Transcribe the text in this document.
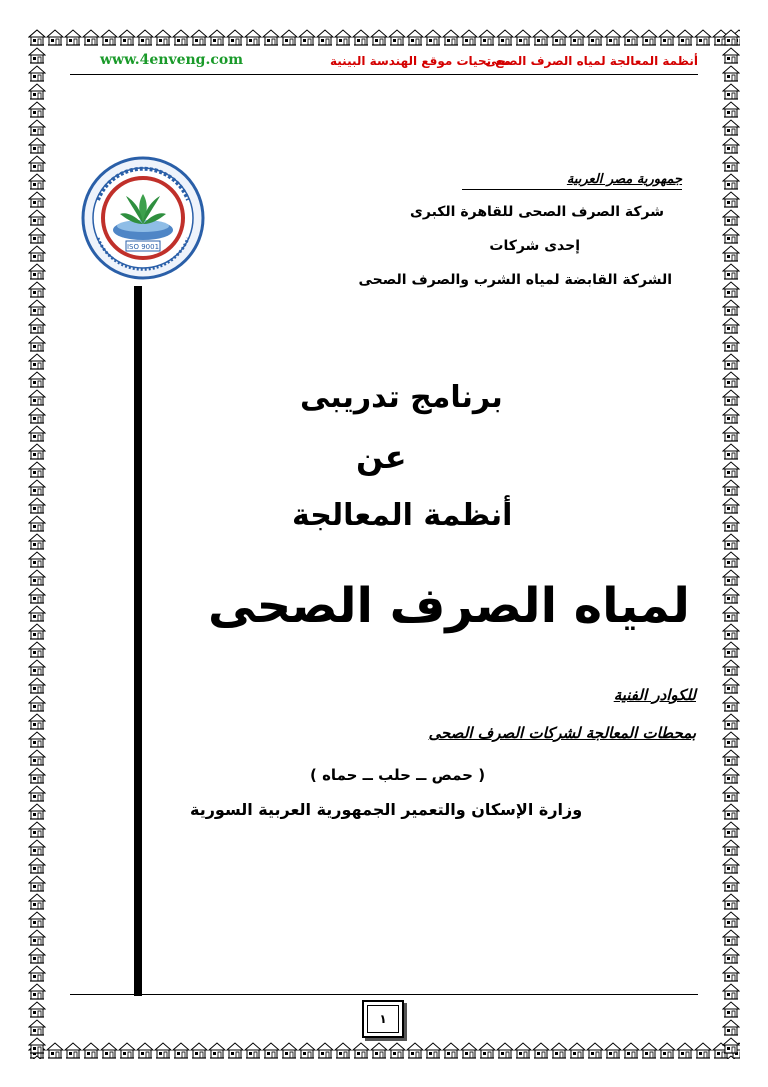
أنظمة المعالجة لمياه الصرف الصحى
مع تحيات موقع الهندسة البينية
www.4enveng.com
ISO 9001
جمهورية مصر العربية
شركة الصرف الصحى للقاهرة الكبرى
إحدى شركات
الشركة القابضة لمياه الشرب والصرف الصحى
برنامج تدريبى
عن
أنظمة المعالجة
لمياه الصرف الصحى
للكوادر الفنية
بمحطات المعالجة لشركات الصرف الصحى
( حمص ــ حلب ــ حماه )
وزارة الإسكان والتعمير الجمهورية العربية السورية
١
